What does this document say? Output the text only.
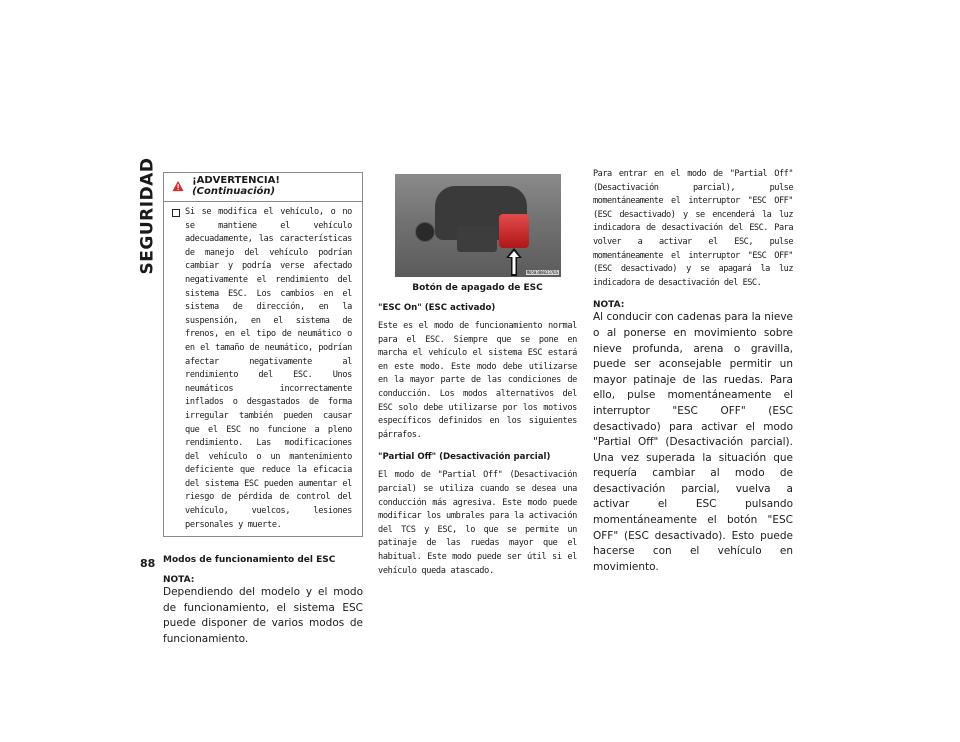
SEGURIDAD
88
¡ADVERTENCIA! (Continuación)
Si se modifica el vehículo, o no se mantiene el vehículo adecuadamente, las características de manejo del vehículo podrían cambiar y podría verse afectado negativamente el rendimiento del sistema ESC. Los cambios en el sistema de dirección, en la suspensión, en el sistema de frenos, en el tipo de neumático o en el tamaño de neumático, podrían afectar negativamente al rendimiento del ESC. Unos neumáticos incorrectamente inflados o desgastados de forma irregular también pueden causar que el ESC no funcione a pleno rendimiento. Las modificaciones del vehículo o un mantenimiento deficiente que reduce la eficacia del sistema ESC pueden aumentar el riesgo de pérdida de control del vehículo, vuelcos, lesiones personales y muerte.
Modos de funcionamiento del ESC
NOTA:
Dependiendo del modelo y el modo de funcionamiento, el sistema ESC puede disponer de varios modos de funcionamiento.
M0503000237US
Botón de apagado de ESC
"ESC On" (ESC activado)
Este es el modo de funcionamiento normal para el ESC. Siempre que se pone en marcha el vehículo el sistema ESC estará en este modo. Este modo debe utilizarse en la mayor parte de las condiciones de conducción. Los modos alternativos del ESC solo debe utilizarse por los motivos específicos definidos en los siguientes párrafos.
"Partial Off" (Desactivación parcial)
El modo de "Partial Off" (Desactivación parcial) se utiliza cuando se desea una conducción más agresiva. Este modo puede modificar los umbrales para la activación del TCS y ESC, lo que se permite un patinaje de las ruedas mayor que el habitual. Este modo puede ser útil si el vehículo queda atascado.
Para entrar en el modo de "Partial Off" (Desactivación parcial), pulse momentáneamente el interruptor "ESC OFF" (ESC desactivado) y se encenderá la luz indicadora de desactivación del ESC. Para volver a activar el ESC, pulse momentáneamente el interruptor "ESC OFF" (ESC desactivado) y se apagará la luz indicadora de desactivación del ESC.
NOTA:
Al conducir con cadenas para la nieve o al ponerse en movimiento sobre nieve profunda, arena o gravilla, puede ser aconsejable permitir un mayor patinaje de las ruedas. Para ello, pulse momentáneamente el interruptor "ESC OFF" (ESC desactivado) para activar el modo "Partial Off" (Desactivación parcial). Una vez superada la situación que requería cambiar al modo de desactivación parcial, vuelva a activar el ESC pulsando momentáneamente el botón "ESC OFF" (ESC desactivado). Esto puede hacerse con el vehículo en movimiento.
